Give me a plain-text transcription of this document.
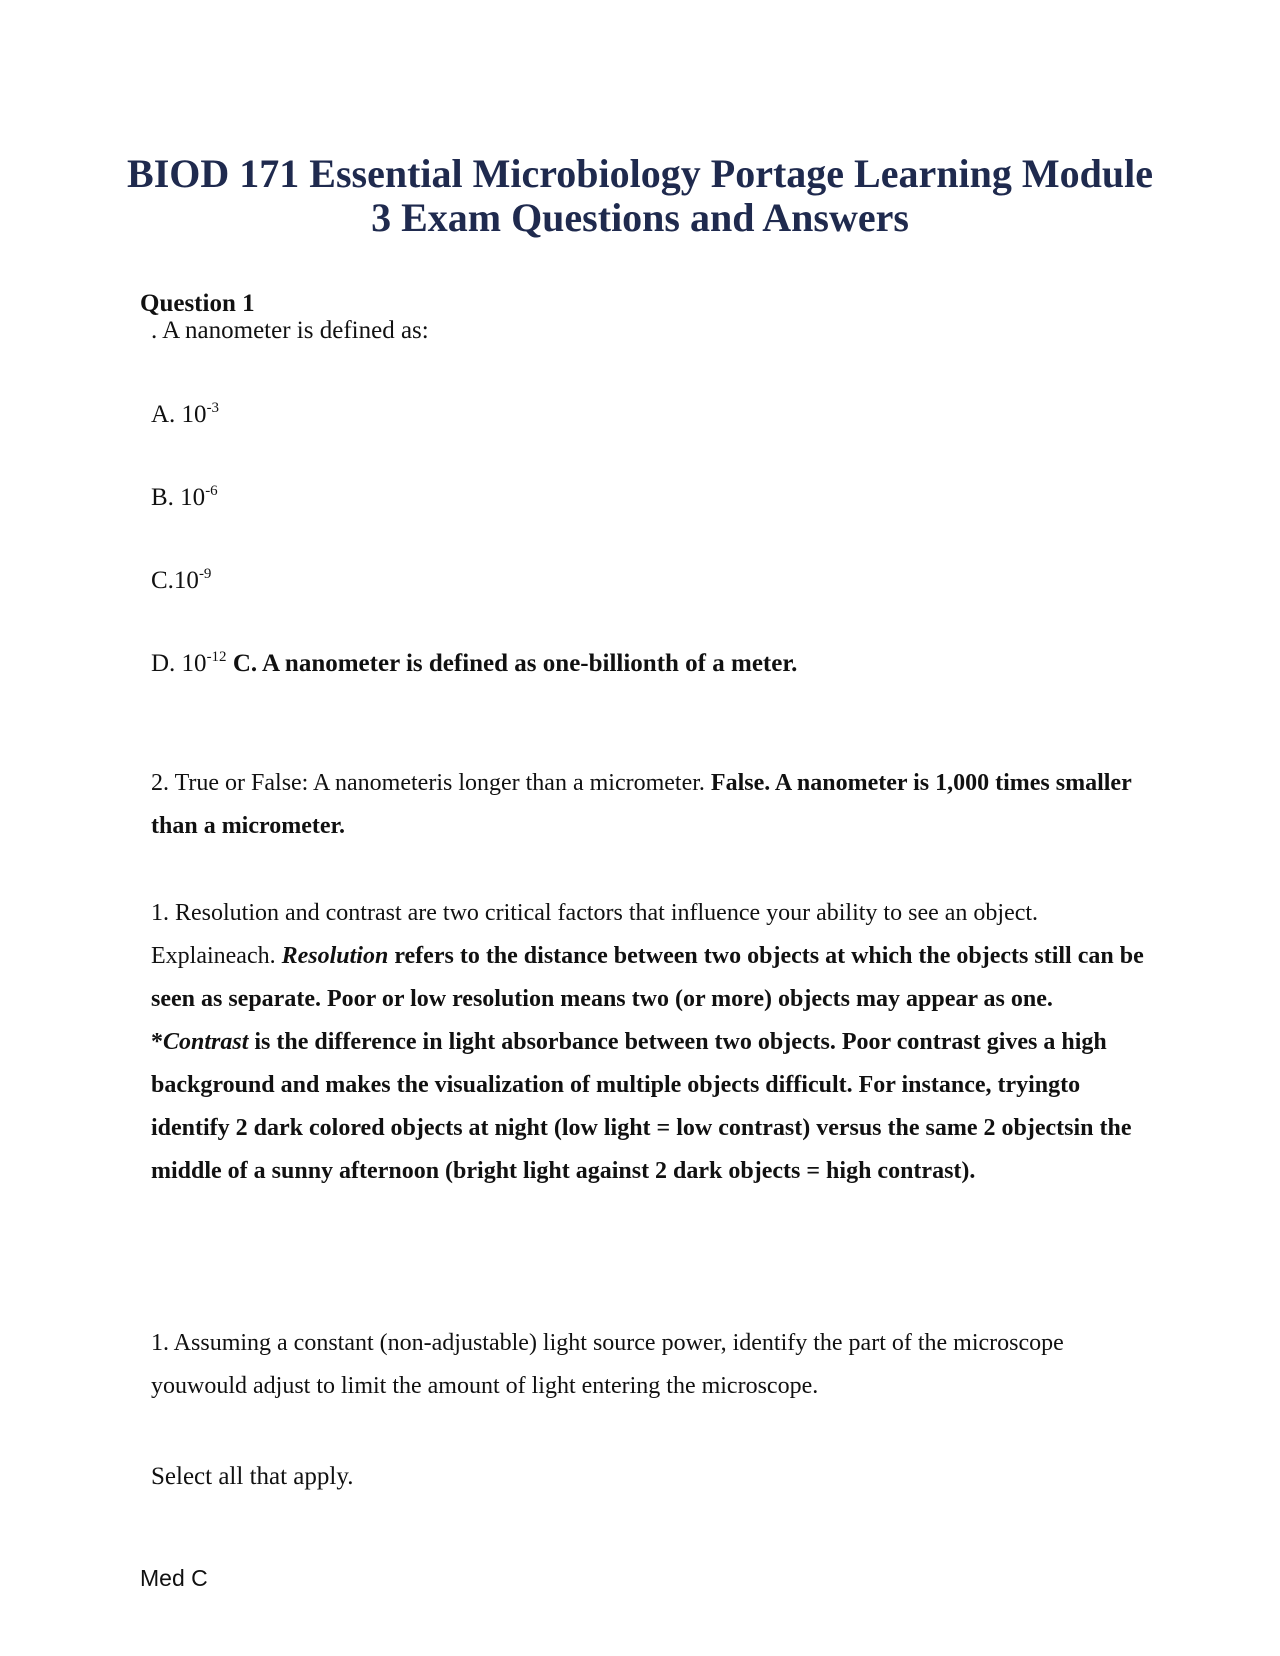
BIOD 171 Essential Microbiology Portage Learning Module 3 Exam Questions and Answers

Question 1

. A nanometer is defined as:

A. $10^{-3}$

B. $10^{-6}$

$C.10^{-9}$

D. $10^{-12}$ C. A nanometer is defined as one-billionth of a meter.

2. True or False: A nanometeris longer than a micrometer. False. A nanometer is 1,000 times smaller than a micrometer.

1. Resolution and contrast are two critical factors that influence your ability to see an object. Explaineach. Resolution refers to the distance between two objects at which the objects still can be seen as separate. Poor or low resolution means two (or more) objects may appear as one.
*Contrast is the difference in light absorbance between two objects. Poor contrast gives a high background and makes the visualization of multiple objects difficult. For instance, tryingto identify 2 dark colored objects at night (low light = low contrast) versus the same 2 objectsin the middle of a sunny afternoon (bright light against 2 dark objects = high contrast).

1. Assuming a constant (non-adjustable) light source power, identify the part of the microscope youwould adjust to limit the amount of light entering the microscope.

Select all that apply.

Med C
